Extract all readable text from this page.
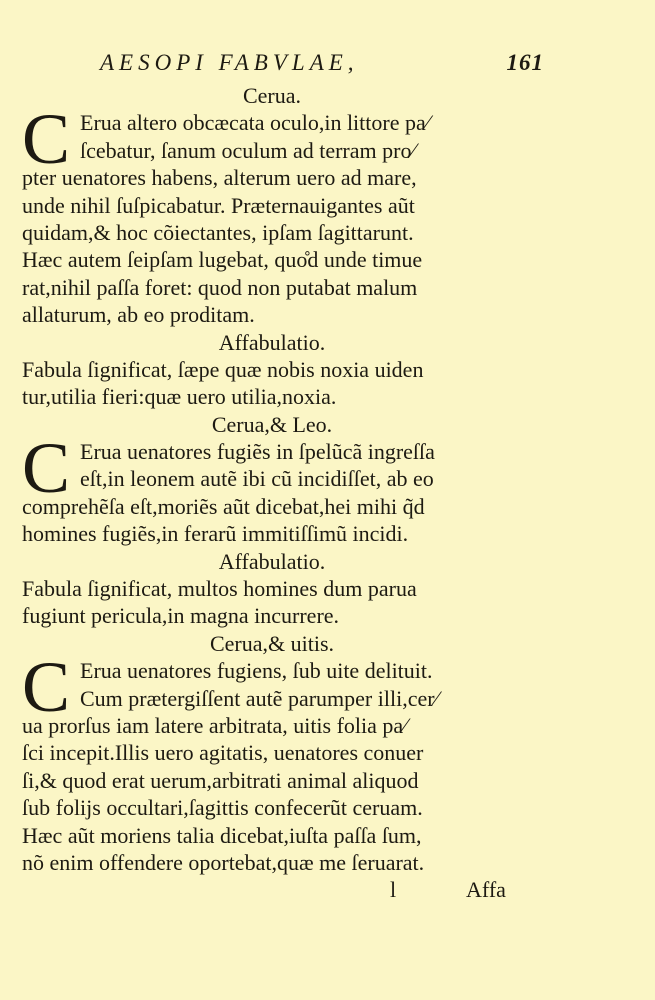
AESOPI FABVLAE,	161
Cerua.
C Erua altero obcæcata oculo,in littore pa⁄
ſcebatur, ſanum oculum ad terram pro⁄
pter uenatores habens, alterum uero ad mare,
unde nihil ſuſpicabatur. Præternauigantes aũt
quidam,& hoc cõiectantes, ipſam ſagittarunt.
Hæc autem ſeipſam lugebat, quo̊d unde timue
rat,nihil paſſa foret: quod non putabat malum
allaturum, ab eo proditam.
Affabulatio.
Fabula ſignificat, ſæpe quæ nobis noxia uiden
tur,utilia fieri:quæ uero utilia,noxia.
Cerua,& Leo.
C Erua uenatores fugiẽs in ſpelũcã ingreſſa
eſt,in leonem autẽ ibi cũ incidiſſet, ab eo
comprehẽſa eſt,moriẽs aũt dicebat,hei mihi q̃d
homines fugiẽs,in ferarũ immitiſſimũ incidi.
Affabulatio.
Fabula ſignificat, multos homines dum parua
fugiunt pericula,in magna incurrere.
Cerua,& uitis.
C Erua uenatores fugiens, ſub uite delituit.
Cum prætergiſſent autẽ parumper illi,cer⁄
ua prorſus iam latere arbitrata, uitis folia pa⁄
ſci incepit.Illis uero agitatis, uenatores conuer
ſi,& quod erat uerum,arbitrati animal aliquod
ſub folijs occultari,ſagittis confecerũt ceruam.
Hæc aũt moriens talia dicebat,iuſta paſſa ſum,
nõ enim offendere oportebat,quæ me ſeruarat.
l	Affa
